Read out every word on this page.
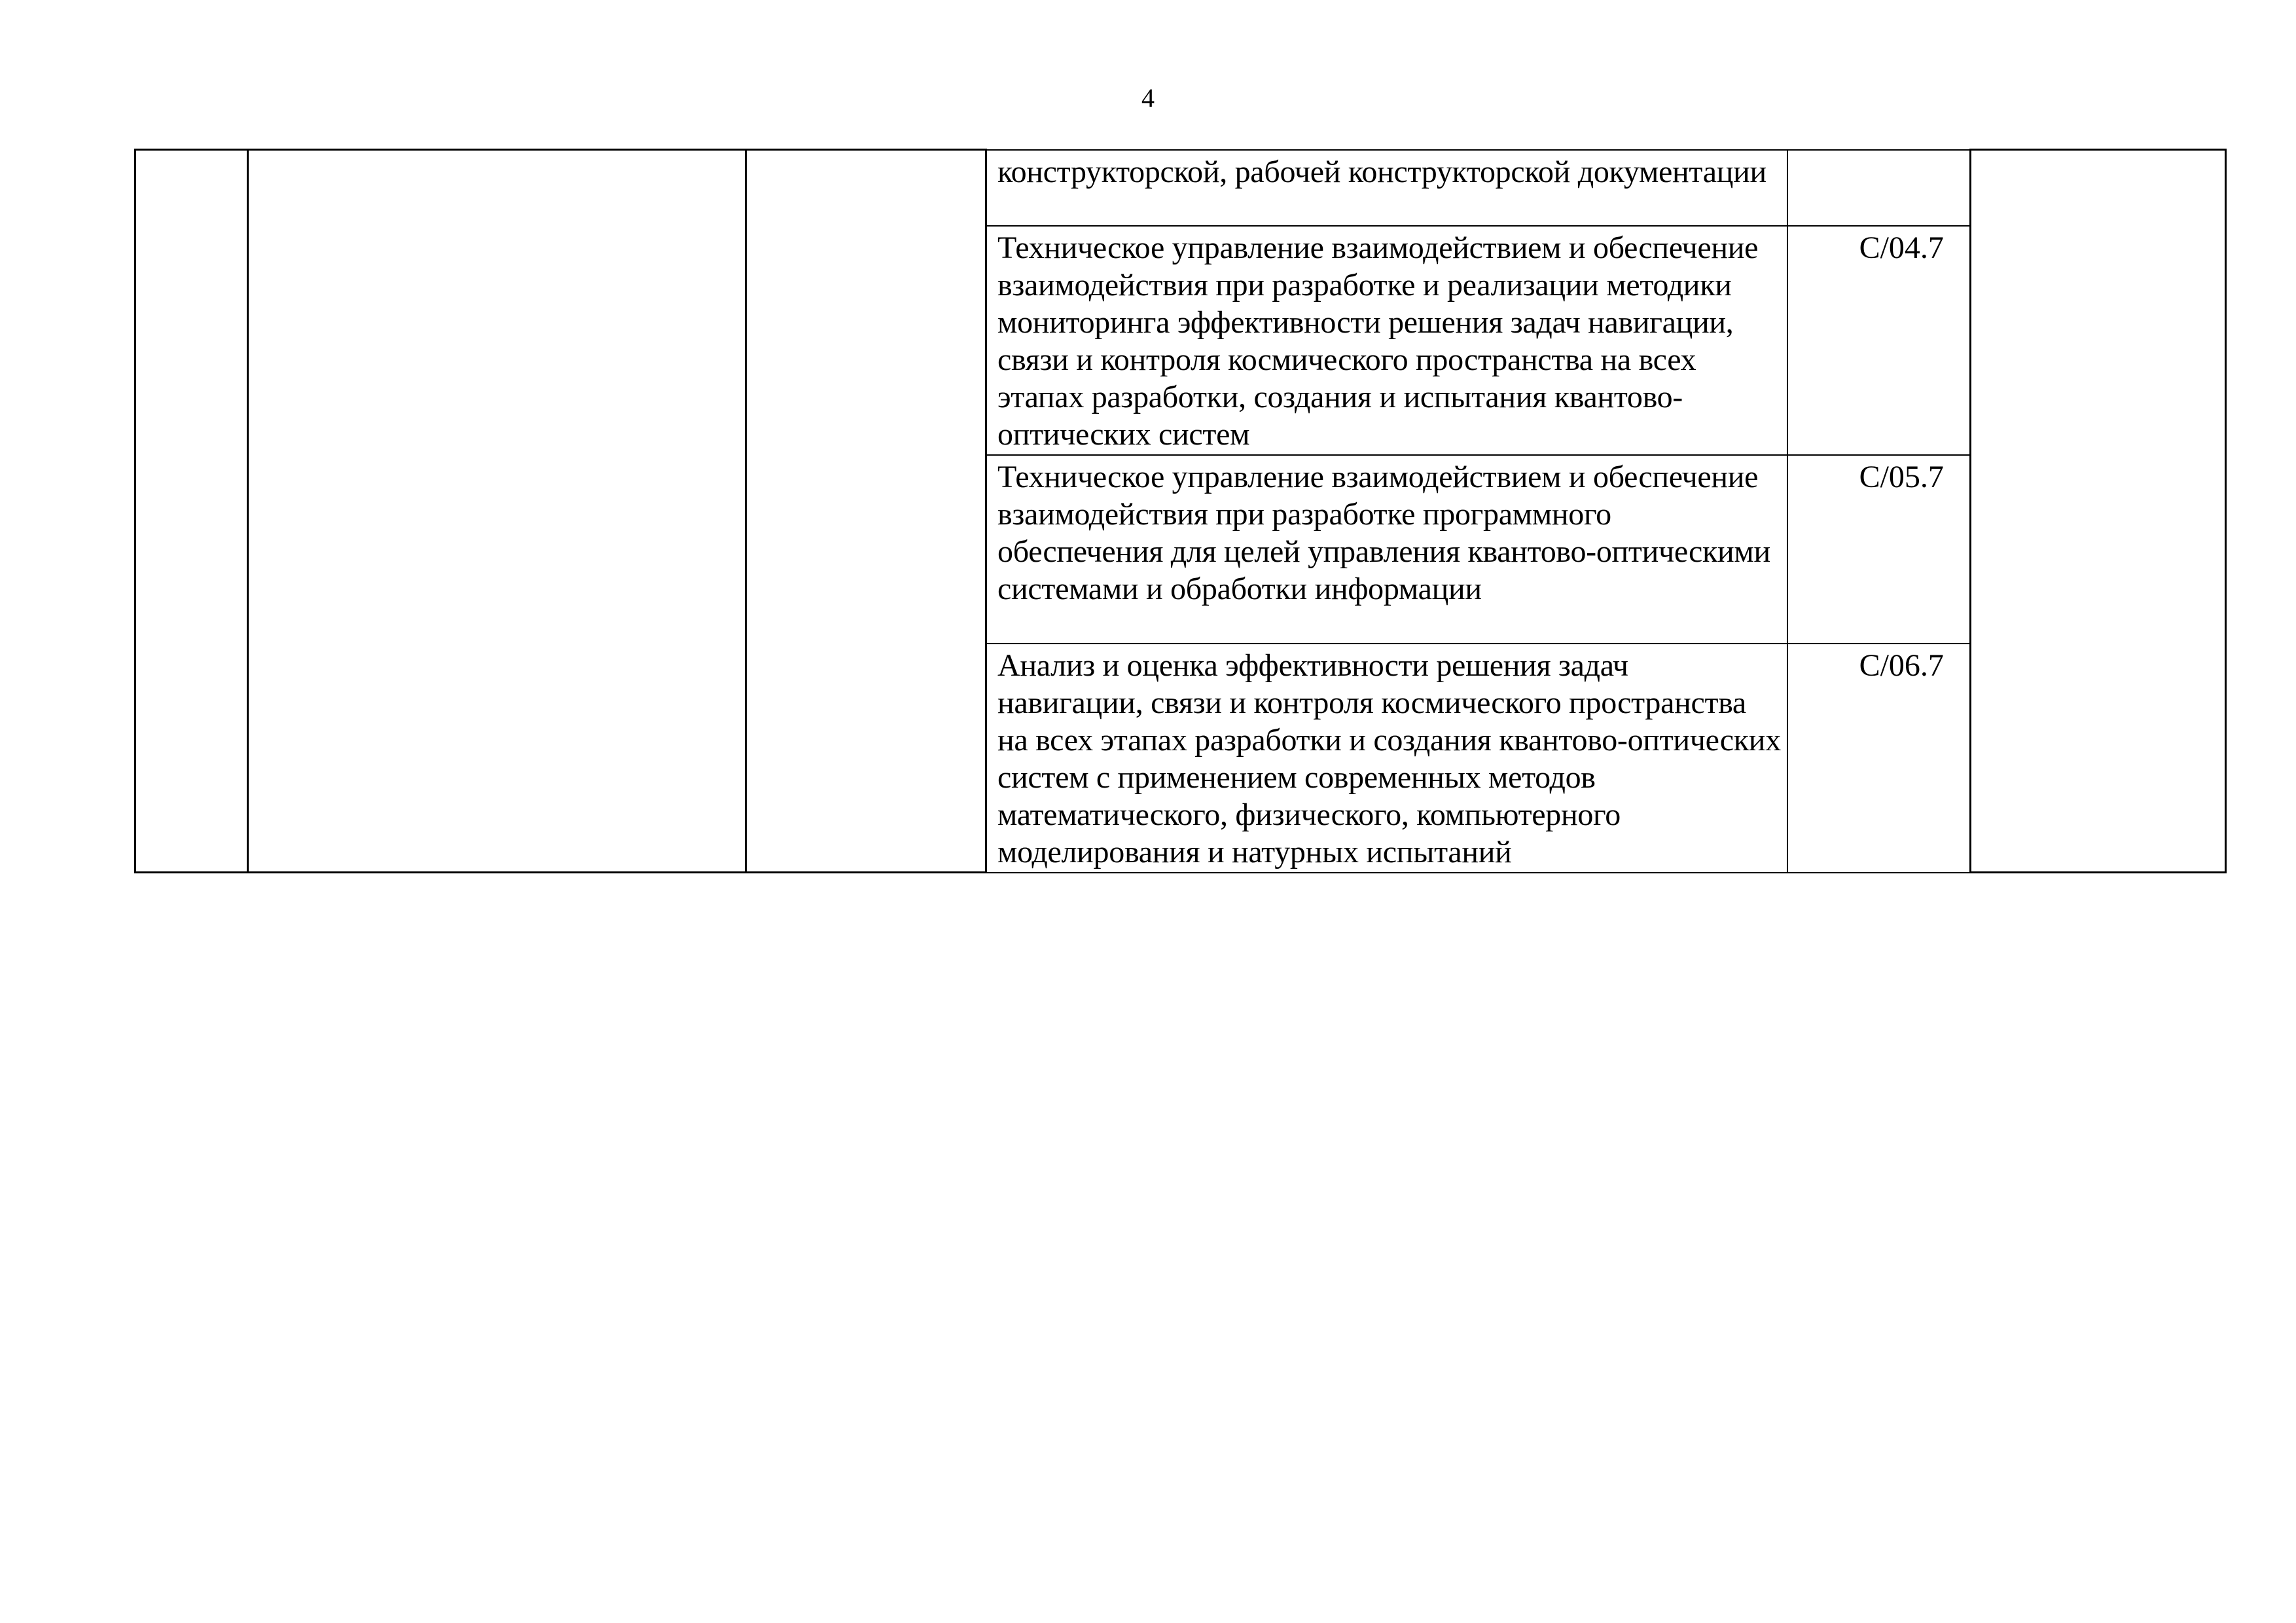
4
			конструкторской, рабочей конструкторской документации	

			Техническое управление взаимодействием и обеспечение взаимодействия при разработке и реализации методики мониторинга эффективности решения задач навигации, связи и контроля космического пространства на всех этапах разработки, создания и испытания квантово-оптических систем	C/04.7	

			Техническое управление взаимодействием и обеспечение взаимодействия при разработке программного обеспечения для целей управления квантово-оптическими системами и обработки информации	C/05.7	

			Анализ и оценка эффективности решения задач навигации, связи и контроля космического пространства на всех этапах разработки и создания квантово-оптических систем с применением современных методов математического, физического, компьютерного моделирования и натурных испытаний	C/06.7	
